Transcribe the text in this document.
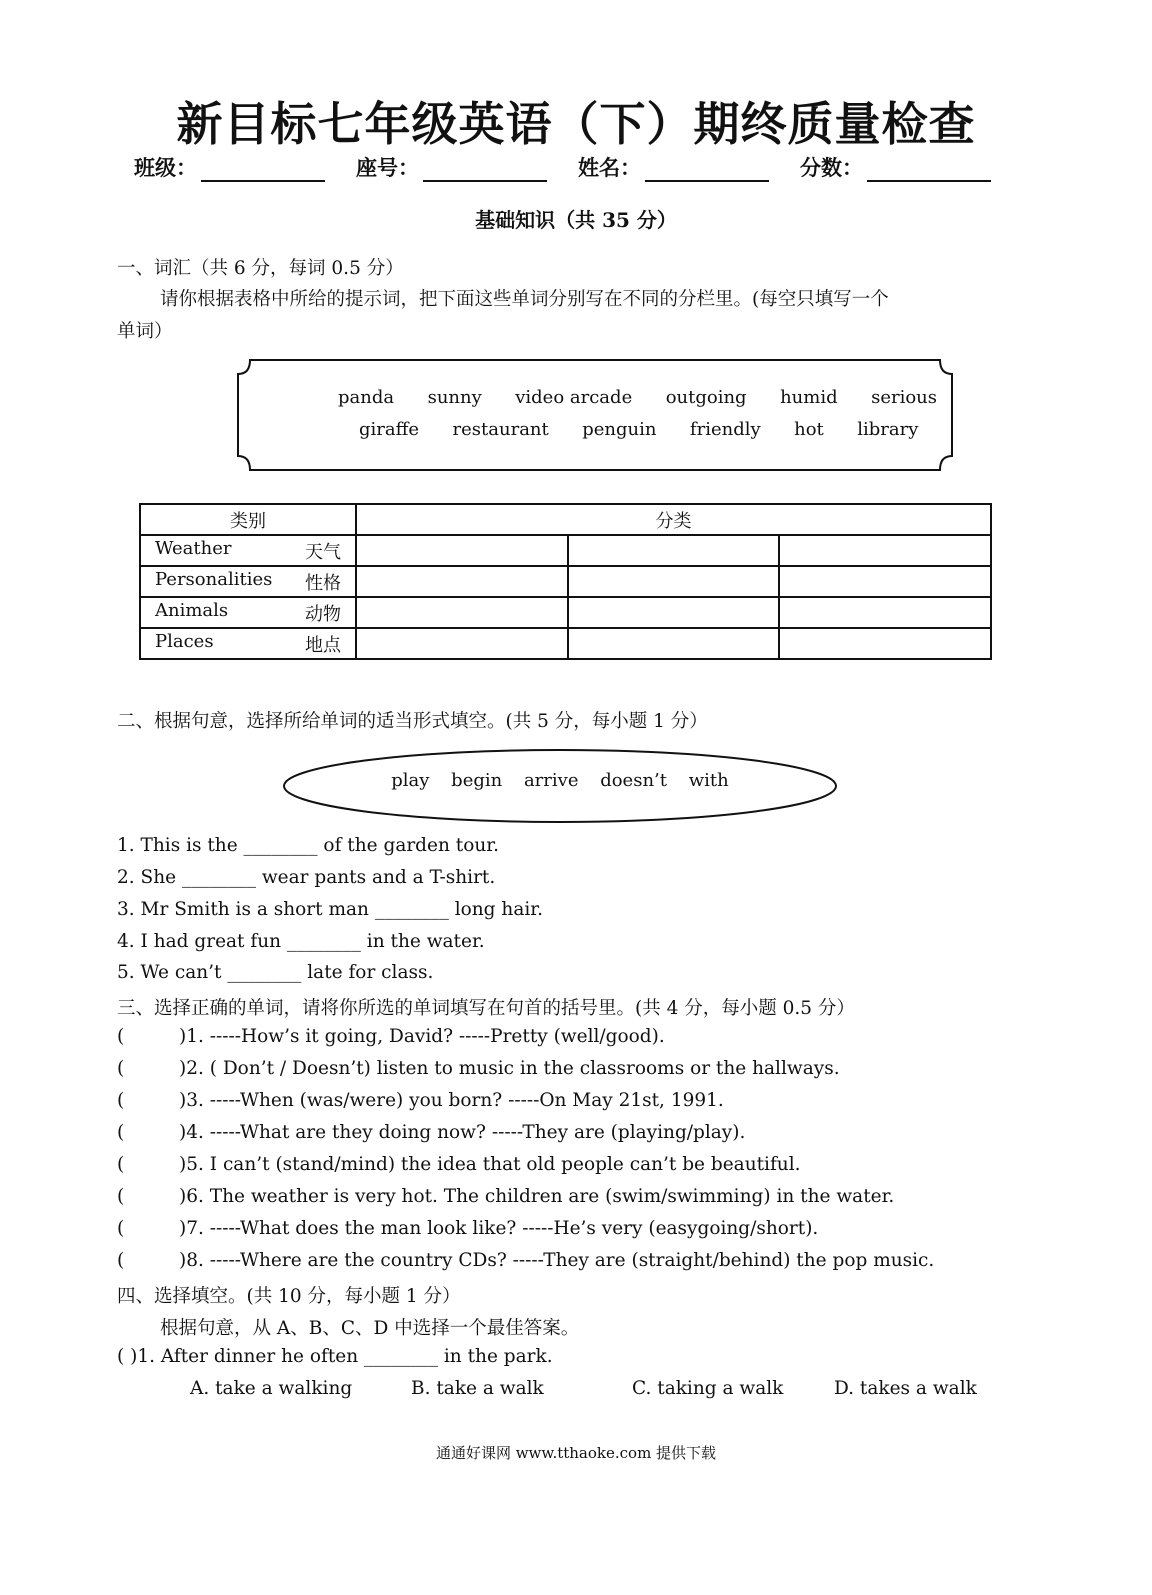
新目标七年级英语（下）期终质量检查
班级：	座号：	姓名：	分数：
基础知识（共 35 分）
一、词汇（共 6 分，每词 0.5 分）
请你根据表格中所给的提示词，把下面这些单词分别写在不同的分栏里。(每空只填写一个
单词）
panda sunny video arcade outgoing humid serious
giraffe restaurant penguin friendly hot library
类别	分类		

Weather 天气			

Personalities 性格			

Animals 动物			

Places 地点			

二、根据句意，选择所给单词的适当形式填空。(共 5 分，每小题 1 分）
play begin arrive doesn’t with
1. This is the ________ of the garden tour.
2. She ________ wear pants and a T-shirt.
3. Mr Smith is a short man ________ long hair.
4. I had great fun ________ in the water.
5. We can’t ________ late for class.
三、选择正确的单词，请将你所选的单词填写在句首的括号里。(共 4 分，每小题 0.5 分）
(	)1. -----How’s it going, David? -----Pretty (well/good).
(	)2. ( Don’t / Doesn’t) listen to music in the classrooms or the hallways.
(	)3. -----When (was/were) you born? -----On May 21st, 1991.
(	)4. -----What are they doing now? -----They are (playing/play).
(	)5. I can’t (stand/mind) the idea that old people can’t be beautiful.
(	)6. The weather is very hot. The children are (swim/swimming) in the water.
(	)7. -----What does the man look like? -----He’s very (easygoing/short).
(	)8. -----Where are the country CDs? -----They are (straight/behind) the pop music.
四、选择填空。(共 10 分，每小题 1 分）
根据句意，从 A、B、C、D 中选择一个最佳答案。
( )1. After dinner he often ________ in the park.
A. take a walking	B. take a walk	C. taking a walk	D. takes a walk
通通好课网 www.tthaoke.com 提供下载
